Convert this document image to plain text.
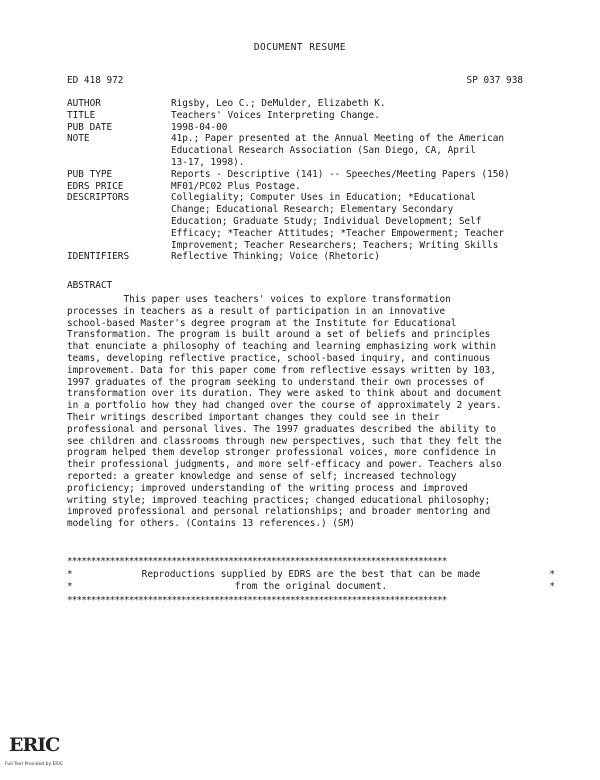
DOCUMENT RESUME
ED 418 972	SP 037 938
AUTHOR	Rigsby, Leo C.; DeMulder, Elizabeth K.
TITLE	Teachers' Voices Interpreting Change.
PUB DATE	1998-04-00
NOTE	41p.; Paper presented at the Annual Meeting of the American
Educational Research Association (San Diego, CA, April
13-17, 1998).
PUB TYPE	Reports - Descriptive (141) -- Speeches/Meeting Papers (150)
EDRS PRICE	MF01/PC02 Plus Postage.
DESCRIPTORS	Collegiality; Computer Uses in Education; *Educational
Change; Educational Research; Elementary Secondary
Education; Graduate Study; Individual Development; Self
Efficacy; *Teacher Attitudes; *Teacher Empowerment; Teacher
Improvement; Teacher Researchers; Teachers; Writing Skills
IDENTIFIERS	Reflective Thinking; Voice (Rhetoric)
ABSTRACT
This paper uses teachers' voices to explore transformation
processes in teachers as a result of participation in an innovative
school-based Master's degree program at the Institute for Educational
Transformation. The program is built around a set of beliefs and principles
that enunciate a philosophy of teaching and learning emphasizing work within
teams, developing reflective practice, school-based inquiry, and continuous
improvement. Data for this paper come from reflective essays written by 103,
1997 graduates of the program seeking to understand their own processes of
transformation over its duration. They were asked to think about and document
in a portfolio how they had changed over the course of approximately 2 years.
Their writings described important changes they could see in their
professional and personal lives. The 1997 graduates described the ability to
see children and classrooms through new perspectives, such that they felt the
program helped them develop stronger professional voices, more confidence in
their professional judgments, and more self-efficacy and power. Teachers also
reported: a greater knowledge and sense of self; increased technology
proficiency; improved understanding of the writing process and improved
writing style; improved teaching practices; changed educational philosophy;
improved professional and personal relationships; and broader mentoring and
modeling for others. (Contains 13 references.) (SM)
********************************************************************************
*	Reproductions supplied by EDRS are the best that can be made	*
*	from the original document.	*
********************************************************************************
ERIC
Full Text Provided by ERIC
